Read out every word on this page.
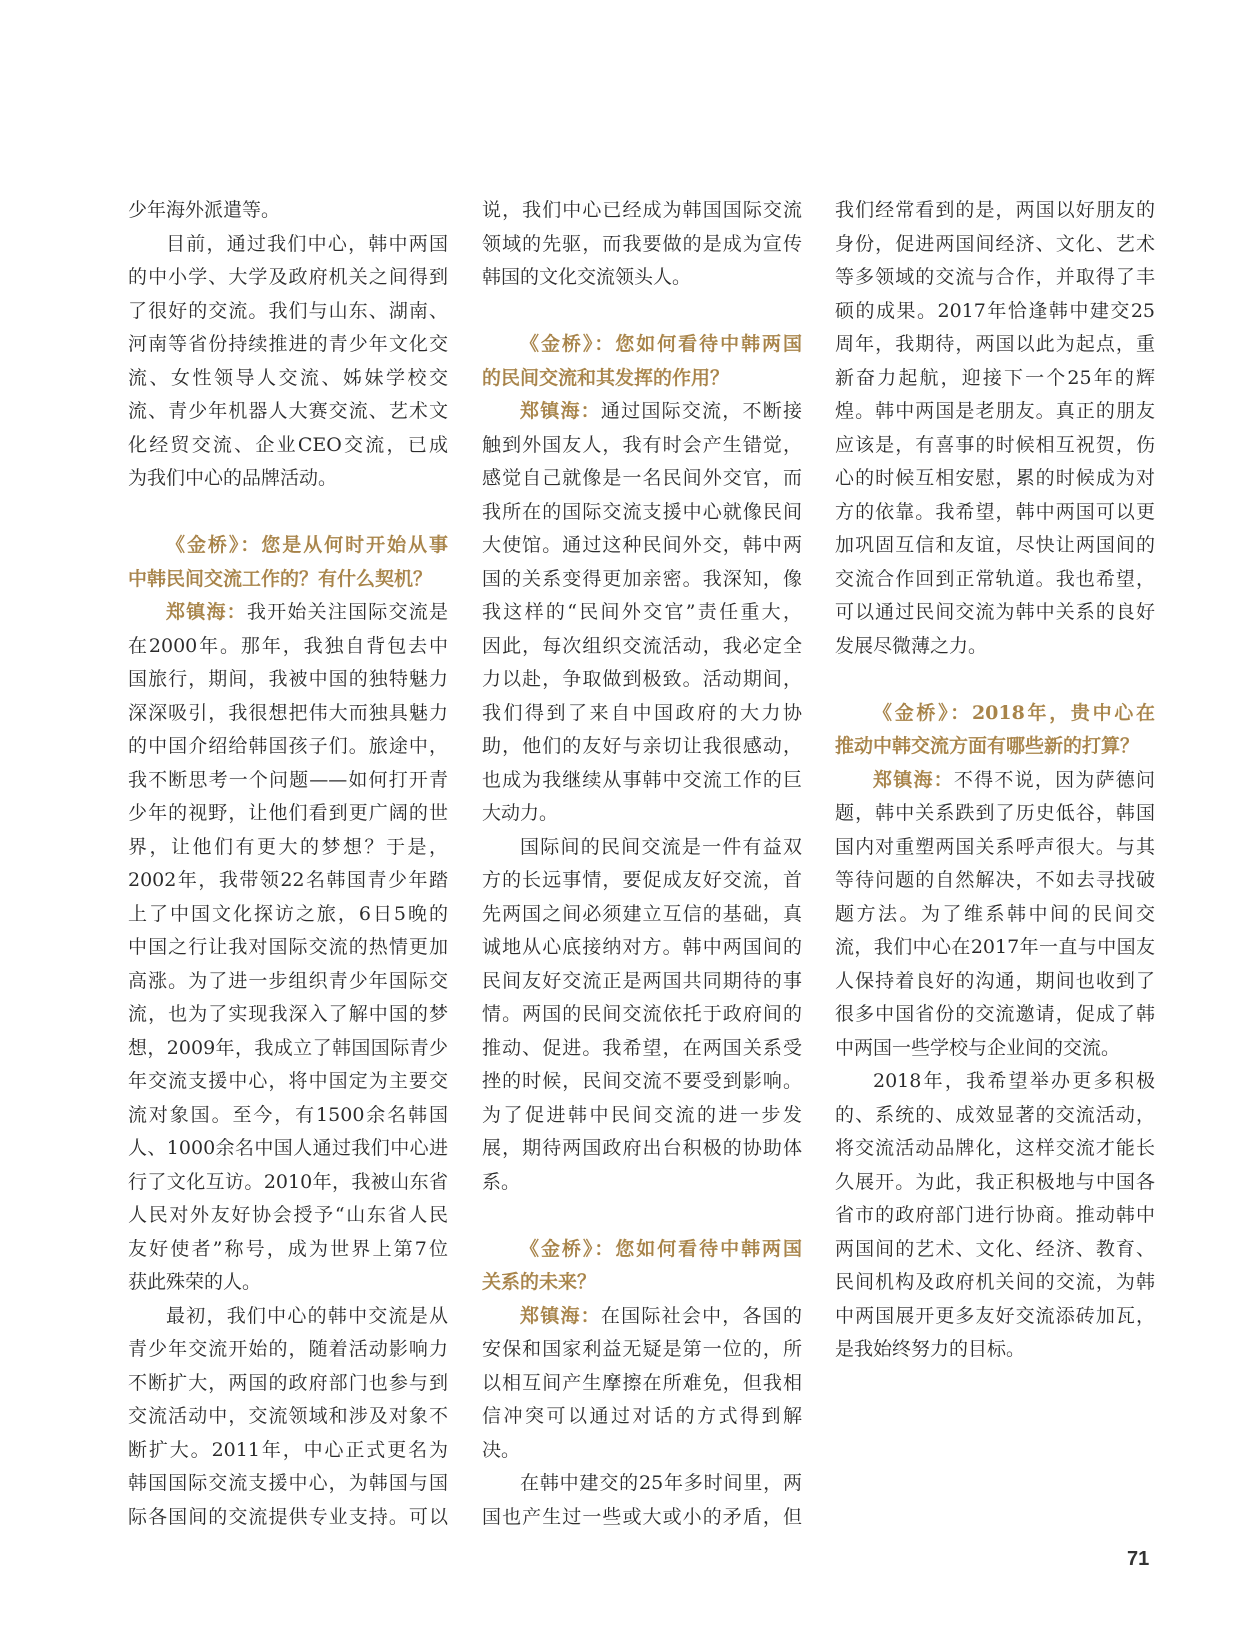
少年海外派遣等。
目前，通过我们中心，韩中两国
的中小学、大学及政府机关之间得到
了很好的交流。我们与山东、湖南、
河南等省份持续推进的青少年文化交
流、女性领导人交流、姊妹学校交
流、青少年机器人大赛交流、艺术文
化经贸交流、企业CEO交流，已成
为我们中心的品牌活动。
《金桥》：您是从何时开始从事
中韩民间交流工作的？有什么契机？
郑镇海：我开始关注国际交流是
在2000年。那年，我独自背包去中
国旅行，期间，我被中国的独特魅力
深深吸引，我很想把伟大而独具魅力
的中国介绍给韩国孩子们。旅途中，
我不断思考一个问题——如何打开青
少年的视野，让他们看到更广阔的世
界，让他们有更大的梦想？于是，
2002年，我带领22名韩国青少年踏
上了中国文化探访之旅，6日5晚的
中国之行让我对国际交流的热情更加
高涨。为了进一步组织青少年国际交
流，也为了实现我深入了解中国的梦
想，2009年，我成立了韩国国际青少
年交流支援中心，将中国定为主要交
流对象国。至今，有1500余名韩国
人、1000余名中国人通过我们中心进
行了文化互访。2010年，我被山东省
人民对外友好协会授予“山东省人民
友好使者”称号，成为世界上第7位
获此殊荣的人。
最初，我们中心的韩中交流是从
青少年交流开始的，随着活动影响力
不断扩大，两国的政府部门也参与到
交流活动中，交流领域和涉及对象不
断扩大。2011年，中心正式更名为
韩国国际交流支援中心，为韩国与国
际各国间的交流提供专业支持。可以
说，我们中心已经成为韩国国际交流
领域的先驱，而我要做的是成为宣传
韩国的文化交流领头人。
《金桥》：您如何看待中韩两国
的民间交流和其发挥的作用？
郑镇海：通过国际交流，不断接
触到外国友人，我有时会产生错觉，
感觉自己就像是一名民间外交官，而
我所在的国际交流支援中心就像民间
大使馆。通过这种民间外交，韩中两
国的关系变得更加亲密。我深知，像
我这样的“民间外交官”责任重大，
因此，每次组织交流活动，我必定全
力以赴，争取做到极致。活动期间，
我们得到了来自中国政府的大力协
助，他们的友好与亲切让我很感动，
也成为我继续从事韩中交流工作的巨
大动力。
国际间的民间交流是一件有益双
方的长远事情，要促成友好交流，首
先两国之间必须建立互信的基础，真
诚地从心底接纳对方。韩中两国间的
民间友好交流正是两国共同期待的事
情。两国的民间交流依托于政府间的
推动、促进。我希望，在两国关系受
挫的时候，民间交流不要受到影响。
为了促进韩中民间交流的进一步发
展，期待两国政府出台积极的协助体
系。
《金桥》：您如何看待中韩两国
关系的未来？
郑镇海：在国际社会中，各国的
安保和国家利益无疑是第一位的，所
以相互间产生摩擦在所难免，但我相
信冲突可以通过对话的方式得到解
决。
在韩中建交的25年多时间里，两
国也产生过一些或大或小的矛盾，但
我们经常看到的是，两国以好朋友的
身份，促进两国间经济、文化、艺术
等多领域的交流与合作，并取得了丰
硕的成果。2017年恰逢韩中建交25
周年，我期待，两国以此为起点，重
新奋力起航，迎接下一个25年的辉
煌。韩中两国是老朋友。真正的朋友
应该是，有喜事的时候相互祝贺，伤
心的时候互相安慰，累的时候成为对
方的依靠。我希望，韩中两国可以更
加巩固互信和友谊，尽快让两国间的
交流合作回到正常轨道。我也希望，
可以通过民间交流为韩中关系的良好
发展尽微薄之力。
《金桥》：2018年，贵中心在
推动中韩交流方面有哪些新的打算？
郑镇海：不得不说，因为萨德问
题，韩中关系跌到了历史低谷，韩国
国内对重塑两国关系呼声很大。与其
等待问题的自然解决，不如去寻找破
题方法。为了维系韩中间的民间交
流，我们中心在2017年一直与中国友
人保持着良好的沟通，期间也收到了
很多中国省份的交流邀请，促成了韩
中两国一些学校与企业间的交流。
2018年，我希望举办更多积极
的、系统的、成效显著的交流活动，
将交流活动品牌化，这样交流才能长
久展开。为此，我正积极地与中国各
省市的政府部门进行协商。推动韩中
两国间的艺术、文化、经济、教育、
民间机构及政府机关间的交流，为韩
中两国展开更多友好交流添砖加瓦，
是我始终努力的目标。
71
